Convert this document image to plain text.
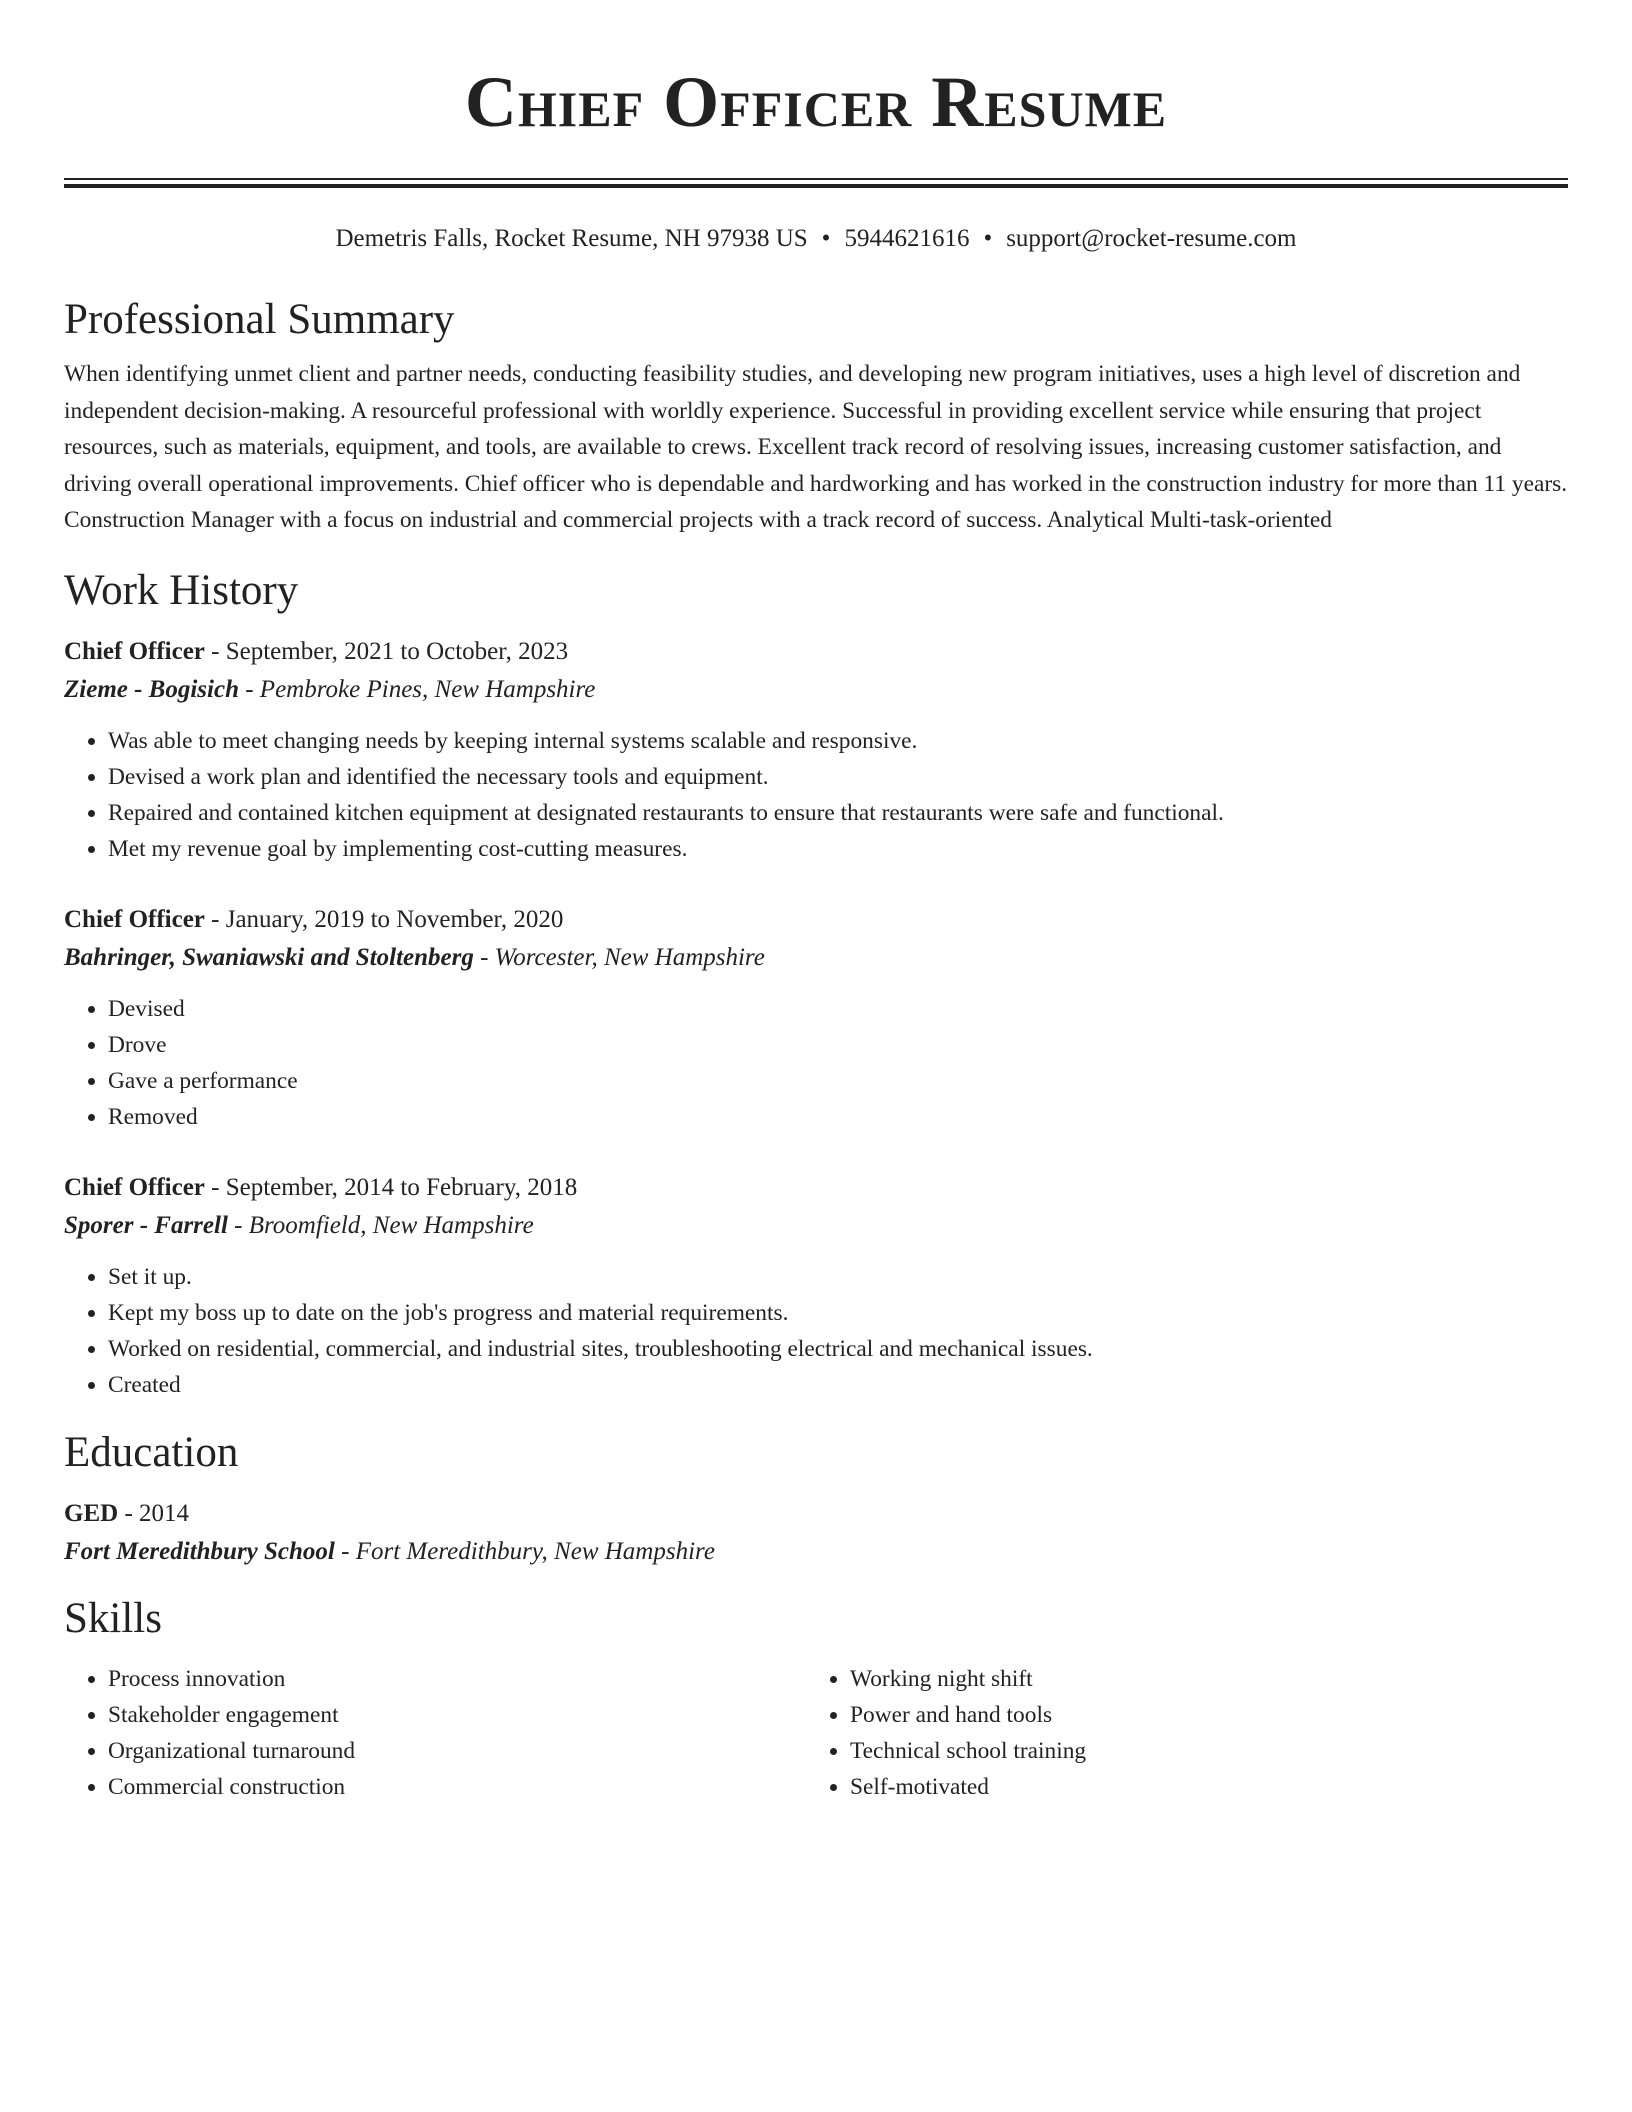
Chief Officer Resume
Demetris Falls, Rocket Resume, NH 97938 US • 5944621616 • support@rocket-resume.com
Professional Summary
When identifying unmet client and partner needs, conducting feasibility studies, and developing new program initiatives, uses a high level of discretion and independent decision-making. A resourceful professional with worldly experience. Successful in providing excellent service while ensuring that project resources, such as materials, equipment, and tools, are available to crews. Excellent track record of resolving issues, increasing customer satisfaction, and driving overall operational improvements. Chief officer who is dependable and hardworking and has worked in the construction industry for more than 11 years. Construction Manager with a focus on industrial and commercial projects with a track record of success. Analytical Multi-task-oriented
Work History
Chief Officer - September, 2021 to October, 2023
Zieme - Bogisich - Pembroke Pines, New Hampshire
• Was able to meet changing needs by keeping internal systems scalable and responsive.
• Devised a work plan and identified the necessary tools and equipment.
• Repaired and contained kitchen equipment at designated restaurants to ensure that restaurants were safe and functional.
• Met my revenue goal by implementing cost-cutting measures.
Chief Officer - January, 2019 to November, 2020
Bahringer, Swaniawski and Stoltenberg - Worcester, New Hampshire
• Devised
• Drove
• Gave a performance
• Removed
Chief Officer - September, 2014 to February, 2018
Sporer - Farrell - Broomfield, New Hampshire
• Set it up.
• Kept my boss up to date on the job's progress and material requirements.
• Worked on residential, commercial, and industrial sites, troubleshooting electrical and mechanical issues.
• Created
Education
GED - 2014
Fort Meredithbury School - Fort Meredithbury, New Hampshire
Skills
• Process innovation
• Stakeholder engagement
• Organizational turnaround
• Commercial construction
• Working night shift
• Power and hand tools
• Technical school training
• Self-motivated
